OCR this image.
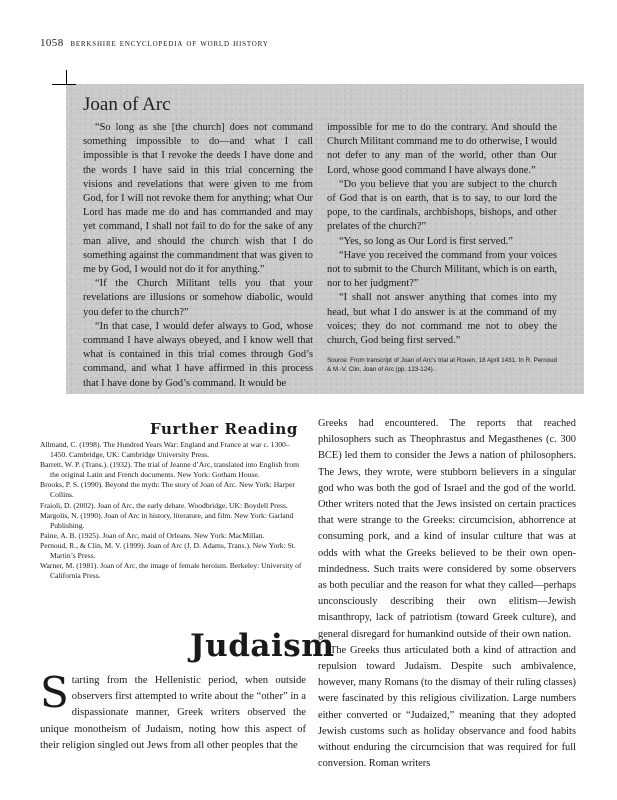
1058 berkshire encyclopedia of world history
Joan of Arc

“So long as she [the church] does not command something impossible to do—and what I call impossible is that I revoke the deeds I have done and the words I have said in this trial concerning the visions and revelations that were given to me from God, for I will not revoke them for anything; what Our Lord has made me do and has commanded and may yet command, I shall not fail to do for the sake of any man alive, and should the church wish that I do something against the commandment that was given to me by God, I would not do it for anything.”

“If the Church Militant tells you that your revelations are illusions or somehow diabolic, would you defer to the church?”

“In that case, I would defer always to God, whose command I have always obeyed, and I know well that what is contained in this trial comes through God’s command, and what I have affirmed in this process that I have done by God’s command. It would be

impossible for me to do the contrary. And should the Church Militant command me to do otherwise, I would not defer to any man of the world, other than Our Lord, whose good command I have always done.”

“Do you believe that you are subject to the church of God that is on earth, that is to say, to our lord the pope, to the cardinals, archbishops, bishops, and other prelates of the church?”

“Yes, so long as Our Lord is first served.”

“Have you received the command from your voices not to submit to the Church Militant, which is on earth, nor to her judgment?”

“I shall not answer anything that comes into my head, but what I do answer is at the command of my voices; they do not command me not to obey the church, God being first served.”

Source: From transcript of Joan of Arc’s trial at Rouen, 18 April 1431. In R. Pernoud & M.-V. Clin, Joan of Arc (pp. 123-124).

Further Reading
Allmand, C. (1998). The Hundred Years War: England and France at war c. 1300–1450. Cambridge, UK: Cambridge University Press.
Barrett, W. P. (Trans.). (1932). The trial of Jeanne d’Arc, translated into English from the original Latin and French documents. New York: Gotham House.
Brooks, P. S. (1990). Beyond the myth: The story of Joan of Arc. New York: Harper Collins.
Fraioli, D. (2002). Joan of Arc, the early debate. Woodbridge, UK: Boydell Press.
Margolis, N. (1990). Joan of Arc in history, literature, and film. New York: Garland Publishing.
Paine, A. B. (1925). Joan of Arc, maid of Orleans. New York: MacMillan.
Pernoud, R., & Clin, M. V. (1999). Joan of Arc (J. D. Adams, Trans.). New York: St. Martin’s Press.
Warner, M. (1981). Joan of Arc, the image of female heroism. Berkeley: University of California Press.
Judaism
S tarting from the Hellenistic period, when outside observers first attempted to write about the “other” in a dispassionate manner, Greek writers observed the unique monotheism of Judaism, noting how this aspect of their religion singled out Jews from all other peoples that the

Greeks had encountered. The reports that reached philosophers such as Theophrastus and Megasthenes (c. 300 BCE) led them to consider the Jews a nation of philosophers. The Jews, they wrote, were stubborn believers in a singular god who was both the god of Israel and the god of the world. Other writers noted that the Jews insisted on certain practices that were strange to the Greeks: circumcision, abhorrence at consuming pork, and a kind of insular culture that was at odds with what the Greeks believed to be their own open-mindedness. Such traits were considered by some observers as both peculiar and the reason for what they called—perhaps unconsciously describing their own elitism—Jewish misanthropy, lack of patriotism (toward Greek culture), and general disregard for humankind outside of their own nation.

The Greeks thus articulated both a kind of attraction and repulsion toward Judaism. Despite such ambivalence, however, many Romans (to the dismay of their ruling classes) were fascinated by this religious civilization. Large numbers either converted or “Judaized,” meaning that they adopted Jewish customs such as holiday observance and food habits without enduring the circumcision that was required for full conversion. Roman writers
